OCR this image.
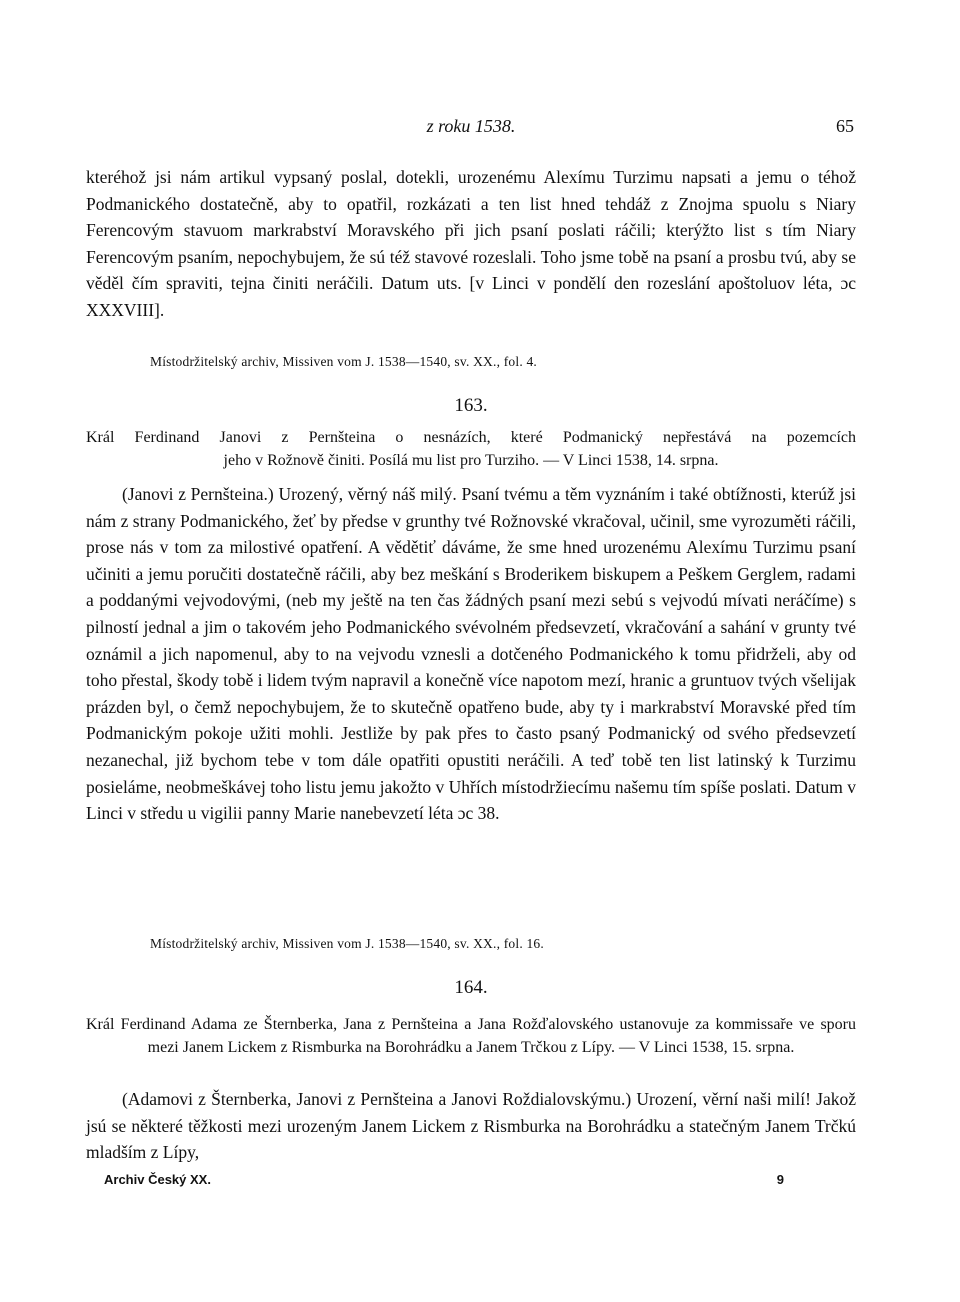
z roku 1538.	65

kteréhož jsi nám artikul vypsaný poslal, dotekli, urozenému Alexímu Turzimu napsati a jemu o téhož Podmanického dostatečně, aby to opatřil, rozkázati a ten list hned tehdáž z Znojma spuolu s Niary Ferencovým stavuom markrabství Moravského při jich psaní poslati ráčili; kterýžto list s tím Niary Ferencovým psaním, nepochybujem, že sú též stavové rozeslali. Toho jsme tobě na psaní a prosbu tvú, aby se věděl čím spraviti, tejna činiti neráčili. Datum uts. [v Linci v pondělí den rozeslání apoštoluov léta, ɔc XXXVIII].

Místodržitelský archiv, Missiven vom J. 1538—1540, sv. XX., fol. 4.
163.
Král Ferdinand Janovi z Pernšteina o nesnázích, které Podmanický nepřestává na pozemcích
jeho v Rožnově činiti. Posílá mu list pro Turziho. — V Linci 1538, 14. srpna.

(Janovi z Pernšteina.) Urozený, věrný náš milý. Psaní tvému a těm vyznáním i také obtížnosti, kterúž jsi nám z strany Podmanického, žeť by předse v grunthy tvé Rožnovské vkračoval, učinil, sme vyrozuměti ráčili, prose nás v tom za milostivé opatření. A vědětiť dáváme, že sme hned urozenému Alexímu Turzimu psaní učiniti a jemu poručiti dostatečně ráčili, aby bez meškání s Broderikem biskupem a Peškem Gerglem, radami a poddanými vejvodovými, (neb my ještě na ten čas žádných psaní mezi sebú s vejvodú mívati neráčíme) s pilností jednal a jim o takovém jeho Podmanického svévolném předsevzetí, vkračování a sahání v grunty tvé oznámil a jich napomenul, aby to na vejvodu vznesli a dotčeného Podmanického k tomu přidrželi, aby od toho přestal, škody tobě i lidem tvým napravil a konečně více napotom mezí, hranic a gruntuov tvých všelijak prázden byl, o čemž nepochybujem, že to skutečně opatřeno bude, aby ty i markrabství Moravské před tím Podmanickým pokoje užiti mohli. Jestliže by pak přes to často psaný Podmanický od svého předsevzetí nezanechal, již bychom tebe v tom dále opatřiti opustiti neráčili. A teď tobě ten list latinský k Turzimu posieláme, neobmeškávej toho listu jemu jakožto v Uhřích místodržiecímu našemu tím spíše poslati. Datum v Linci v středu u vigilii panny Marie nanebevzetí léta ɔc 38.

Místodržitelský archiv, Missiven vom J. 1538—1540, sv. XX., fol. 16.
164.
Král Ferdinand Adama ze Šternberka, Jana z Pernšteina a Jana Rožďalovského ustanovuje za kommissaře ve sporu mezi Janem Lickem z Rismburka na Borohrádku a Janem Trčkou z Lípy. — V Linci 1538, 15. srpna.

(Adamovi z Šternberka, Janovi z Pernšteina a Janovi Roždialovskýmu.) Urození, věrní naši milí! Jakož jsú se některé těžkosti mezi urozeným Janem Lickem z Rismburka na Borohrádku a statečným Janem Trčkú mladším z Lípy,

Archiv Český XX.	9
